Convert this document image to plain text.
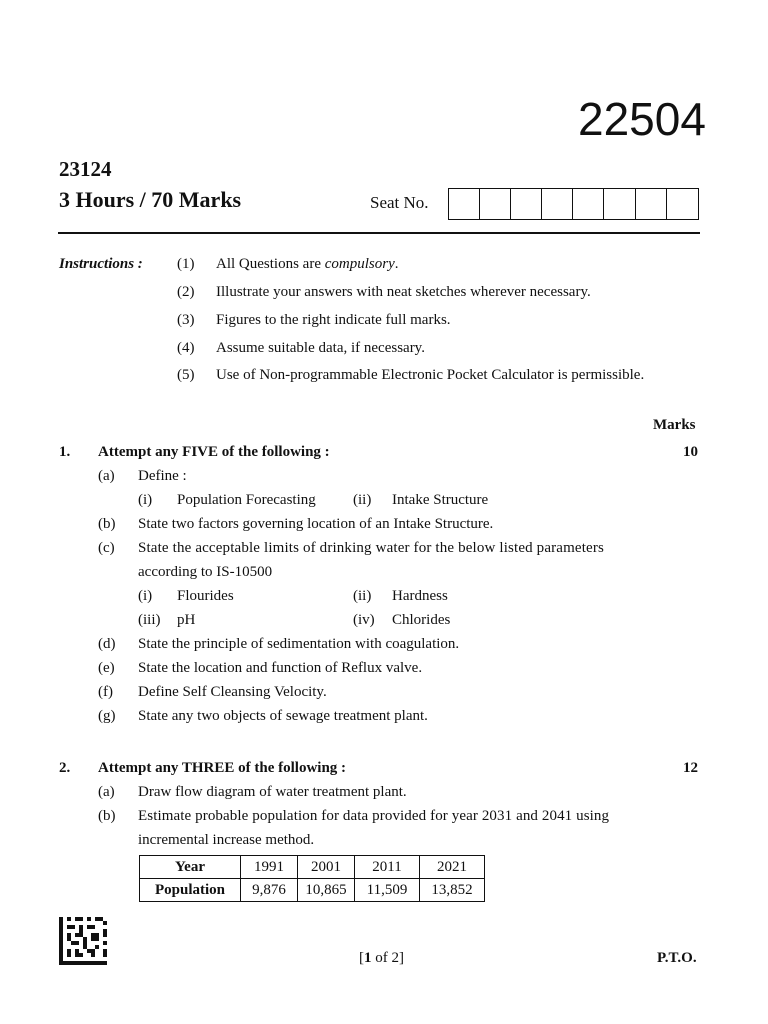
22504
23124
3 Hours / 70 Marks	Seat No.
Instructions : (1) All Questions are compulsory.
(2) Illustrate your answers with neat sketches wherever necessary.
(3) Figures to the right indicate full marks.
(4) Assume suitable data, if necessary.
(5) Use of Non-programmable Electronic Pocket Calculator is permissible.
Marks
1. Attempt any FIVE of the following :	10
(a) Define :
(i) Population Forecasting (ii) Intake Structure
(b) State two factors governing location of an Intake Structure.
(c) State the acceptable limits of drinking water for the below listed parameters
according to IS-10500
(i) Flourides	(ii) Hardness
(iii) pH	(iv) Chlorides
(d) State the principle of sedimentation with coagulation.
(e) State the location and function of Reflux valve.
(f) Define Self Cleansing Velocity.
(g) State any two objects of sewage treatment plant.
2. Attempt any THREE of the following :	12
(a) Draw flow diagram of water treatment plant.
(b) Estimate probable population for data provided for year 2031 and 2041 using
incremental increase method.
Year	1991	2001	2011	2021
Population	9,876	10,865	11,509	13,852
[1 of 2]	P.T.O.
